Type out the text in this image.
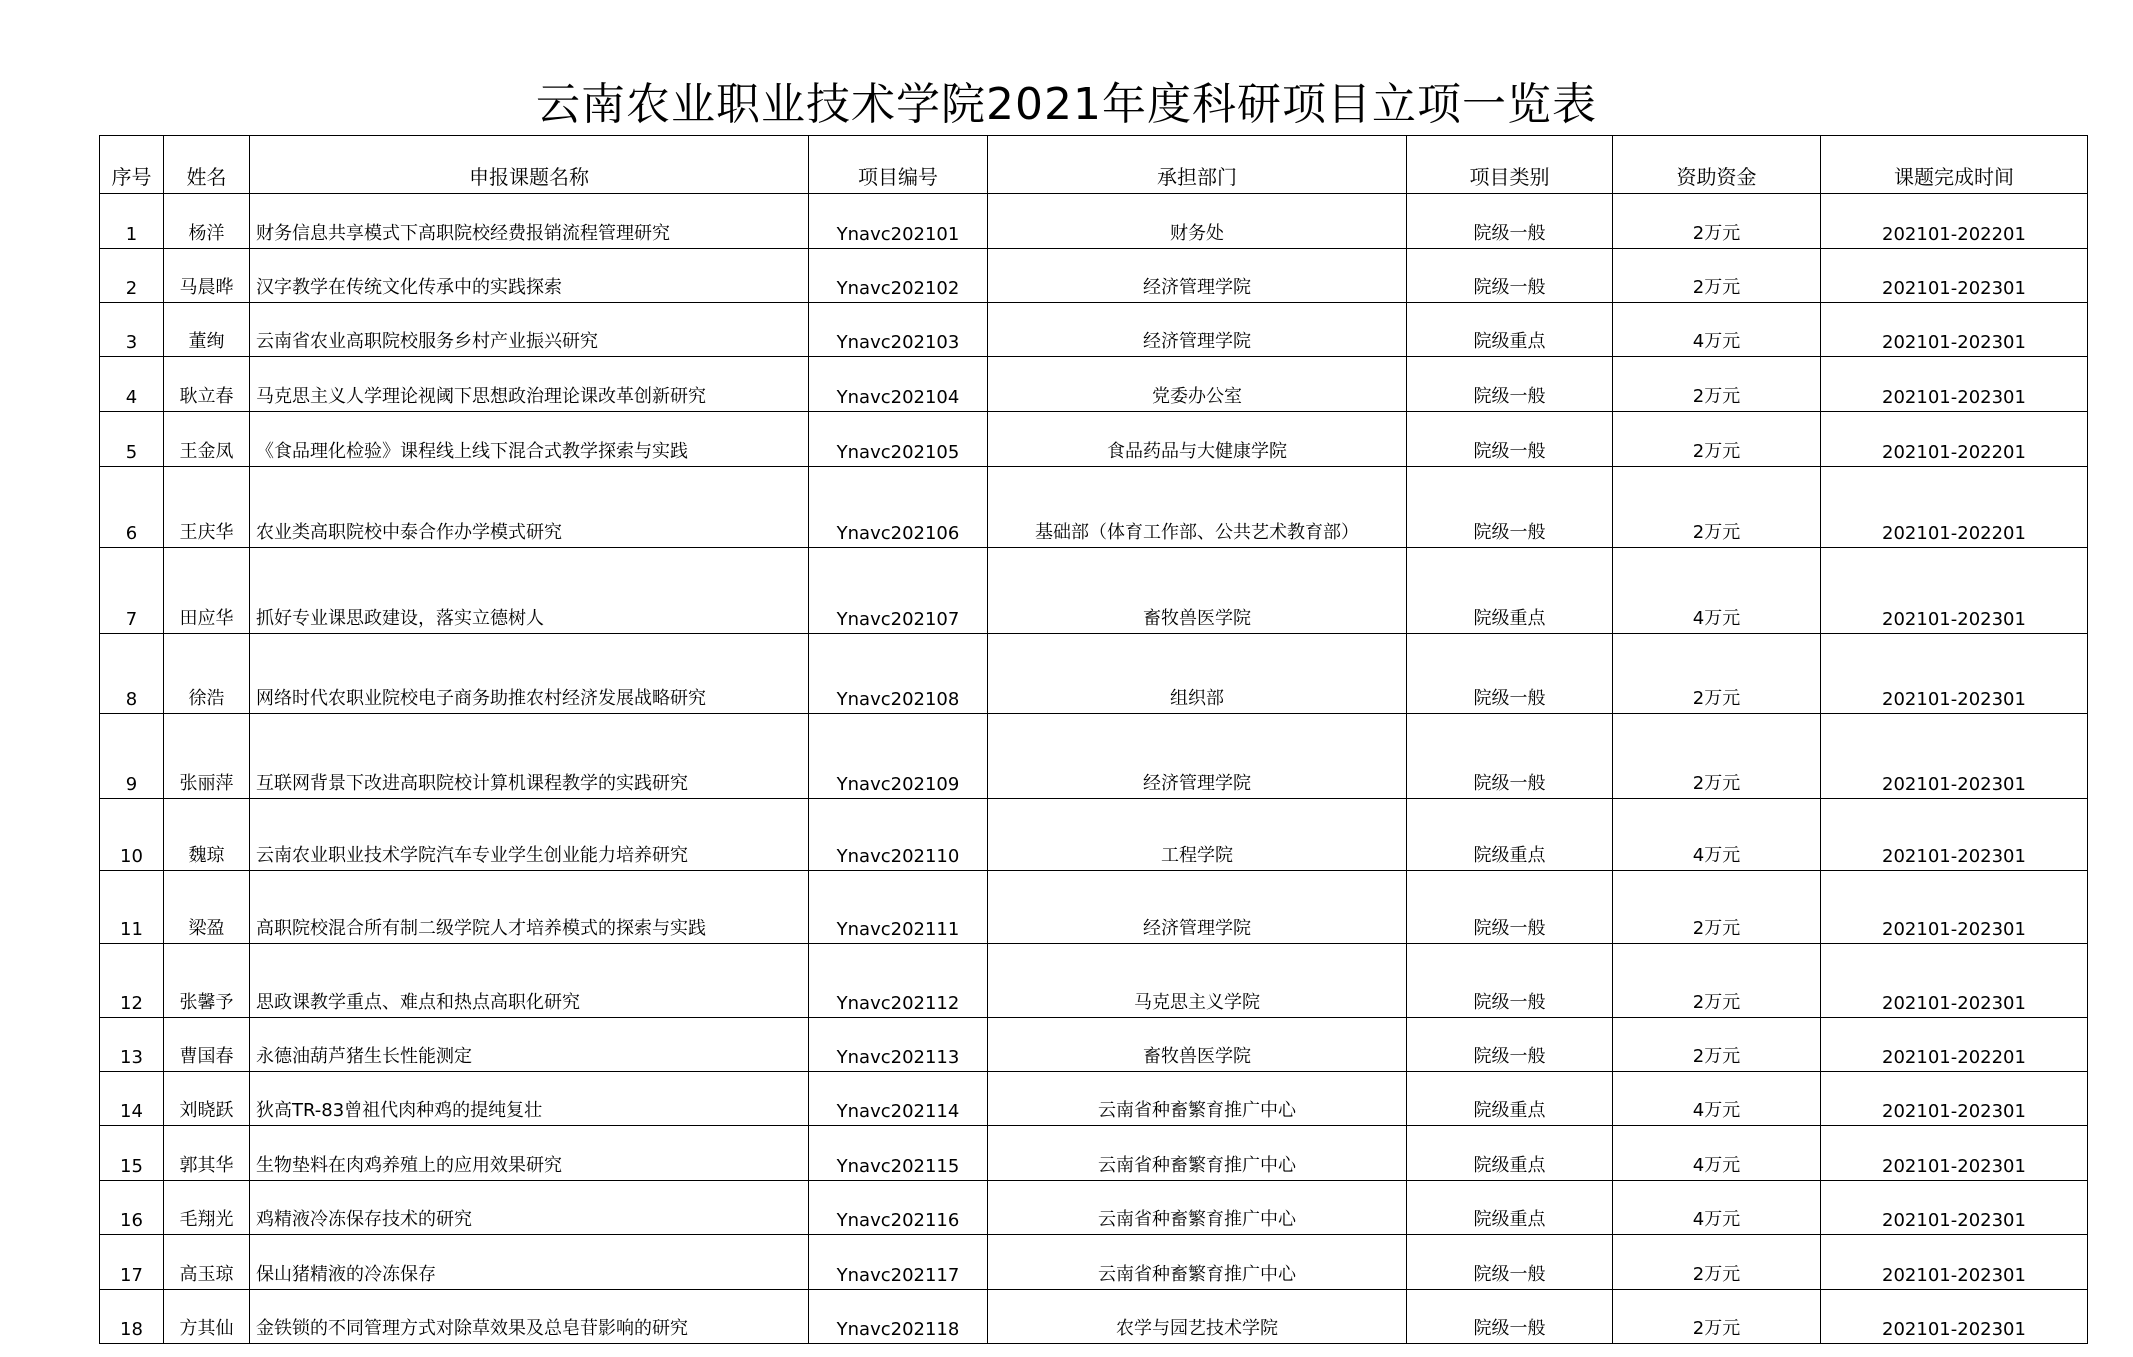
云南农业职业技术学院2021年度科研项目立项一览表
序号	姓名	申报课题名称	项目编号	承担部门	项目类别	资助资金	课题完成时间
1	杨洋	财务信息共享模式下高职院校经费报销流程管理研究	Ynavc202101	财务处	院级一般	2万元	202101-202201
2	马晨晔	汉字教学在传统文化传承中的实践探索	Ynavc202102	经济管理学院	院级一般	2万元	202101-202301
3	董绚	云南省农业高职院校服务乡村产业振兴研究	Ynavc202103	经济管理学院	院级重点	4万元	202101-202301
4	耿立春	马克思主义人学理论视阈下思想政治理论课改革创新研究	Ynavc202104	党委办公室	院级一般	2万元	202101-202301
5	王金凤	《食品理化检验》课程线上线下混合式教学探索与实践	Ynavc202105	食品药品与大健康学院	院级一般	2万元	202101-202201
6	王庆华	农业类高职院校中泰合作办学模式研究	Ynavc202106	基础部（体育工作部、公共艺术教育部）	院级一般	2万元	202101-202201
7	田应华	抓好专业课思政建设，落实立德树人	Ynavc202107	畜牧兽医学院	院级重点	4万元	202101-202301
8	徐浩	网络时代农职业院校电子商务助推农村经济发展战略研究	Ynavc202108	组织部	院级一般	2万元	202101-202301
9	张丽萍	互联网背景下改进高职院校计算机课程教学的实践研究	Ynavc202109	经济管理学院	院级一般	2万元	202101-202301
10	魏琼	云南农业职业技术学院汽车专业学生创业能力培养研究	Ynavc202110	工程学院	院级重点	4万元	202101-202301
11	梁盈	高职院校混合所有制二级学院人才培养模式的探索与实践	Ynavc202111	经济管理学院	院级一般	2万元	202101-202301
12	张馨予	思政课教学重点、难点和热点高职化研究	Ynavc202112	马克思主义学院	院级一般	2万元	202101-202301
13	曹国春	永德油葫芦猪生长性能测定	Ynavc202113	畜牧兽医学院	院级一般	2万元	202101-202201
14	刘晓跃	狄高TR-83曾祖代肉种鸡的提纯复壮	Ynavc202114	云南省种畜繁育推广中心	院级重点	4万元	202101-202301
15	郭其华	生物垫料在肉鸡养殖上的应用效果研究	Ynavc202115	云南省种畜繁育推广中心	院级重点	4万元	202101-202301
16	毛翔光	鸡精液冷冻保存技术的研究	Ynavc202116	云南省种畜繁育推广中心	院级重点	4万元	202101-202301
17	高玉琼	保山猪精液的冷冻保存	Ynavc202117	云南省种畜繁育推广中心	院级一般	2万元	202101-202301
18	方其仙	金铁锁的不同管理方式对除草效果及总皂苷影响的研究	Ynavc202118	农学与园艺技术学院	院级一般	2万元	202101-202301
